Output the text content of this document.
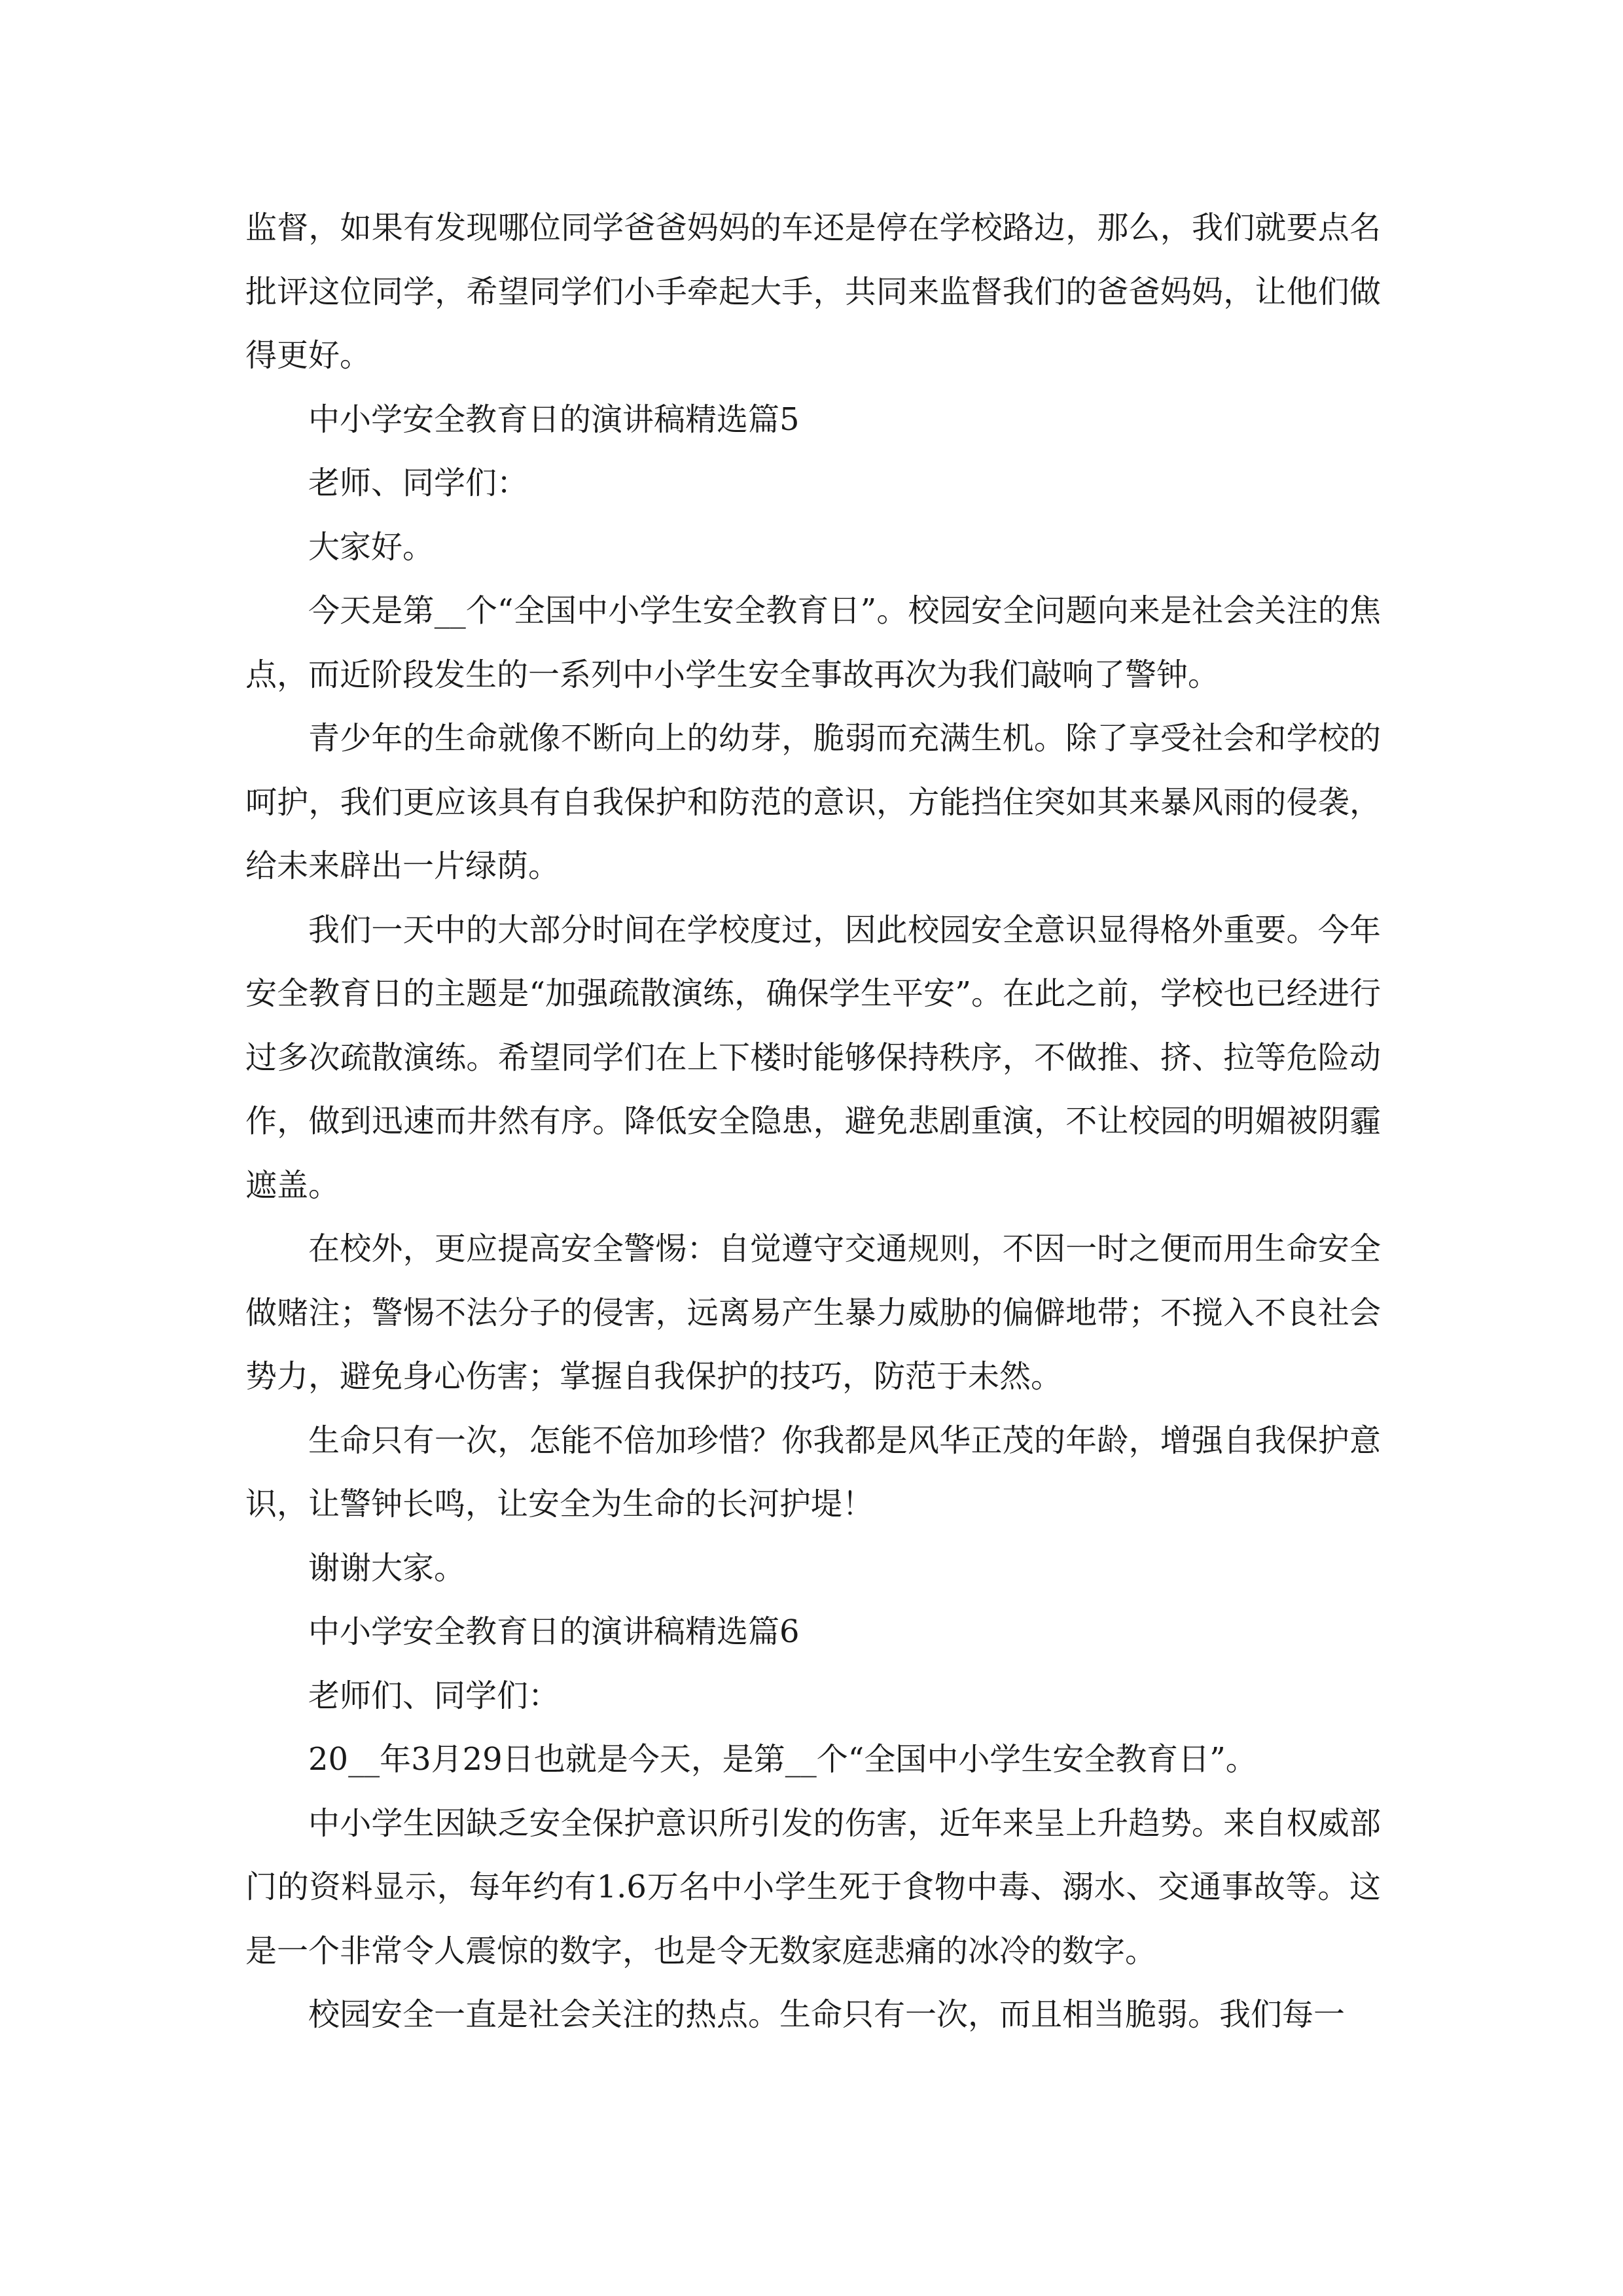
监督，如果有发现哪位同学爸爸妈妈的车还是停在学校路边，那么，我们就要点名批评这位同学，希望同学们小手牵起大手，共同来监督我们的爸爸妈妈，让他们做得更好。

中小学安全教育日的演讲稿精选篇5

老师、同学们：

大家好。

今天是第__个“全国中小学生安全教育日”。校园安全问题向来是社会关注的焦点，而近阶段发生的一系列中小学生安全事故再次为我们敲响了警钟。

青少年的生命就像不断向上的幼芽，脆弱而充满生机。除了享受社会和学校的呵护，我们更应该具有自我保护和防范的意识，方能挡住突如其来暴风雨的侵袭，给未来辟出一片绿荫。

我们一天中的大部分时间在学校度过，因此校园安全意识显得格外重要。今年安全教育日的主题是“加强疏散演练，确保学生平安”。在此之前，学校也已经进行过多次疏散演练。希望同学们在上下楼时能够保持秩序，不做推、挤、拉等危险动作，做到迅速而井然有序。降低安全隐患，避免悲剧重演，不让校园的明媚被阴霾遮盖。

在校外，更应提高安全警惕：自觉遵守交通规则，不因一时之便而用生命安全做赌注；警惕不法分子的侵害，远离易产生暴力威胁的偏僻地带；不搅入不良社会势力，避免身心伤害；掌握自我保护的技巧，防范于未然。

生命只有一次，怎能不倍加珍惜？你我都是风华正茂的年龄，增强自我保护意识，让警钟长鸣，让安全为生命的长河护堤！

谢谢大家。

中小学安全教育日的演讲稿精选篇6

老师们、同学们：

20__年3月29日也就是今天，是第__个“全国中小学生安全教育日”。

中小学生因缺乏安全保护意识所引发的伤害，近年来呈上升趋势。来自权威部门的资料显示，每年约有1.6万名中小学生死于食物中毒、溺水、交通事故等。这是一个非常令人震惊的数字，也是令无数家庭悲痛的冰冷的数字。

校园安全一直是社会关注的热点。生命只有一次，而且相当脆弱。我们每一
